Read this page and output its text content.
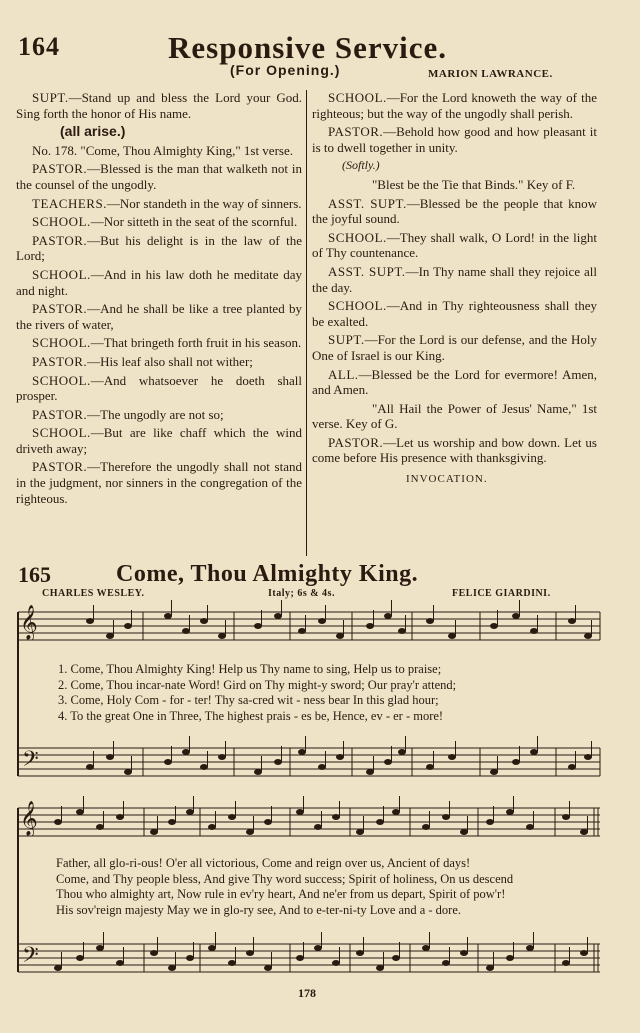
164	Responsive Service.
(For Opening.)	MARION LAWRANCE.

SUPT.—Stand up and bless the Lord your God. Sing forth the honor of His name.

(all arise.)

No. 178. "Come, Thou Almighty King," 1st verse.

PASTOR.—Blessed is the man that walketh not in the counsel of the ungodly.

TEACHERS.—Nor standeth in the way of sinners.

SCHOOL.—Nor sitteth in the seat of the scornful.

PASTOR.—But his delight is in the law of the Lord;

SCHOOL.—And in his law doth he meditate day and night.

PASTOR.—And he shall be like a tree planted by the rivers of water,

SCHOOL.—That bringeth forth fruit in his season.

PASTOR.—His leaf also shall not wither;

SCHOOL.—And whatsoever he doeth shall prosper.

PASTOR.—The ungodly are not so;

SCHOOL.—But are like chaff which the wind driveth away;

PASTOR.—Therefore the ungodly shall not stand in the judgment, nor sinners in the congregation of the righteous.

SCHOOL.—For the Lord knoweth the way of the righteous; but the way of the ungodly shall perish.

PASTOR.—Behold how good and how pleasant it is to dwell together in unity.

(Softly.)

"Blest be the Tie that Binds." Key of F.

ASST. SUPT.—Blessed be the people that know the joyful sound.

SCHOOL.—They shall walk, O Lord! in the light of Thy countenance.

ASST. SUPT.—In Thy name shall they rejoice all the day.

SCHOOL.—And in Thy righteousness shall they be exalted.

SUPT.—For the Lord is our defense, and the Holy One of Israel is our King.

ALL.—Blessed be the Lord for evermore! Amen, and Amen.

"All Hail the Power of Jesus' Name," 1st verse. Key of G.

PASTOR.—Let us worship and bow down. Let us come before His presence with thanksgiving.

INVOCATION.

165	Come, Thou Almighty King.
CHARLES WESLEY.	Italy; 6s & 4s.	FELICE GIARDINI.
𝄞
𝄢
𝄞
𝄢
1. Come, Thou Almighty King! Help us Thy name to sing, Help us to praise;
2. Come, Thou incar-nate Word! Gird on Thy might-y sword; Our pray'r attend;
3. Come, Holy Com - for - ter! Thy sa-cred wit - ness bear In this glad hour;
4. To the great One in Three, The highest prais - es be, Hence, ev - er - more!
Father, all glo-ri-ous! O'er all victorious, Come and reign over us, Ancient of days!
Come, and Thy people bless, And give Thy word success; Spirit of holiness, On us descend
Thou who almighty art, Now rule in ev'ry heart, And ne'er from us depart, Spirit of pow'r!
His sov'reign majesty May we in glo-ry see, And to e-ter-ni-ty Love and a - dore.
178
